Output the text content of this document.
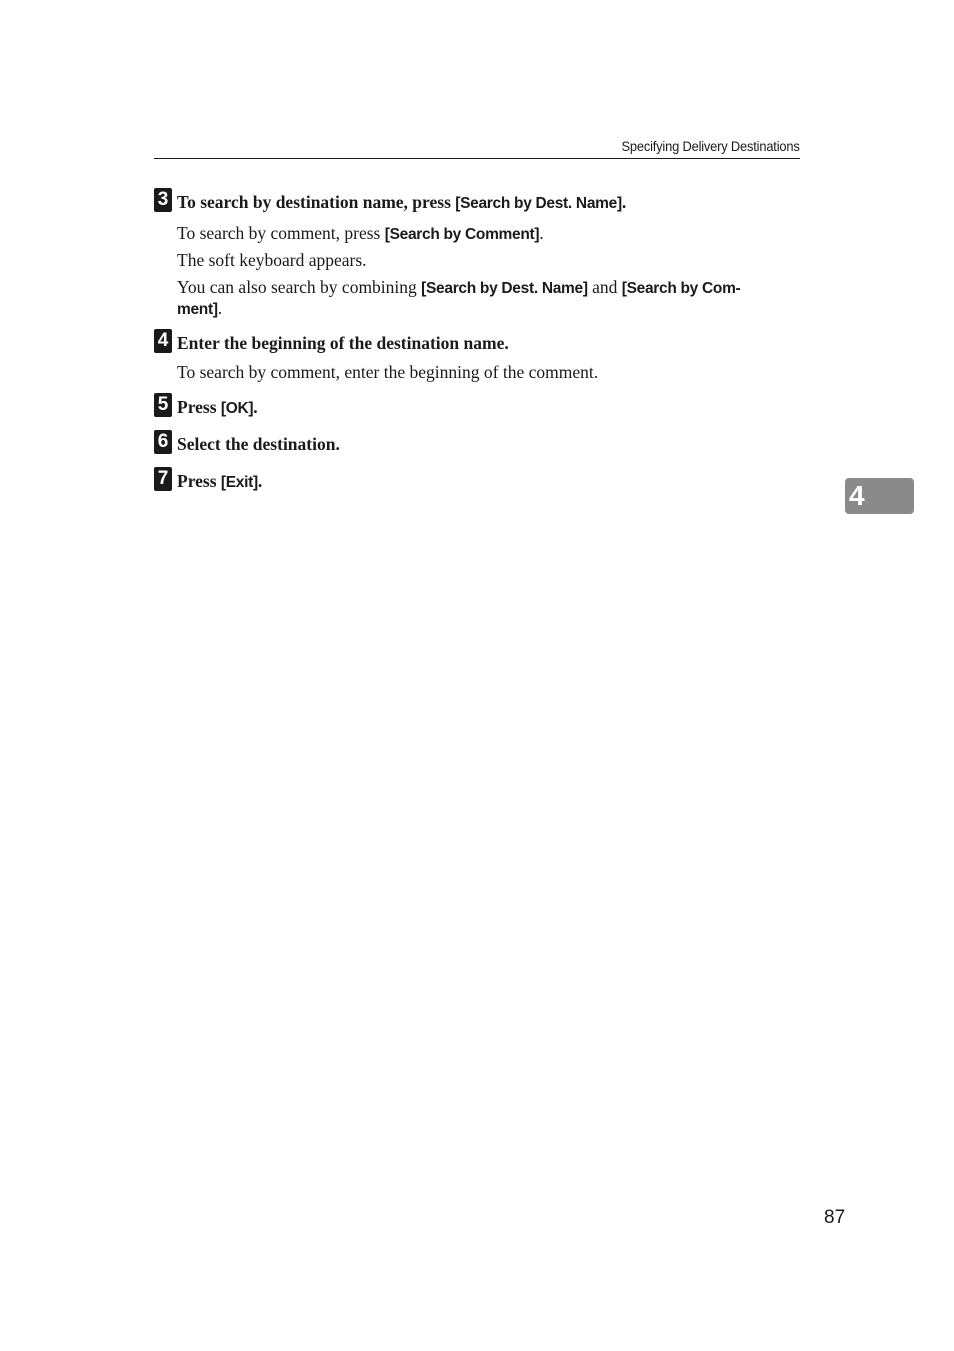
Specifying Delivery Destinations
3 To search by destination name, press [Search by Dest. Name].
To search by comment, press [Search by Comment].
The soft keyboard appears.
You can also search by combining [Search by Dest. Name] and [Search by Com-
ment].
4 Enter the beginning of the destination name.
To search by comment, enter the beginning of the comment.
5 Press [OK].
6 Select the destination.
7 Press [Exit].	4
87
